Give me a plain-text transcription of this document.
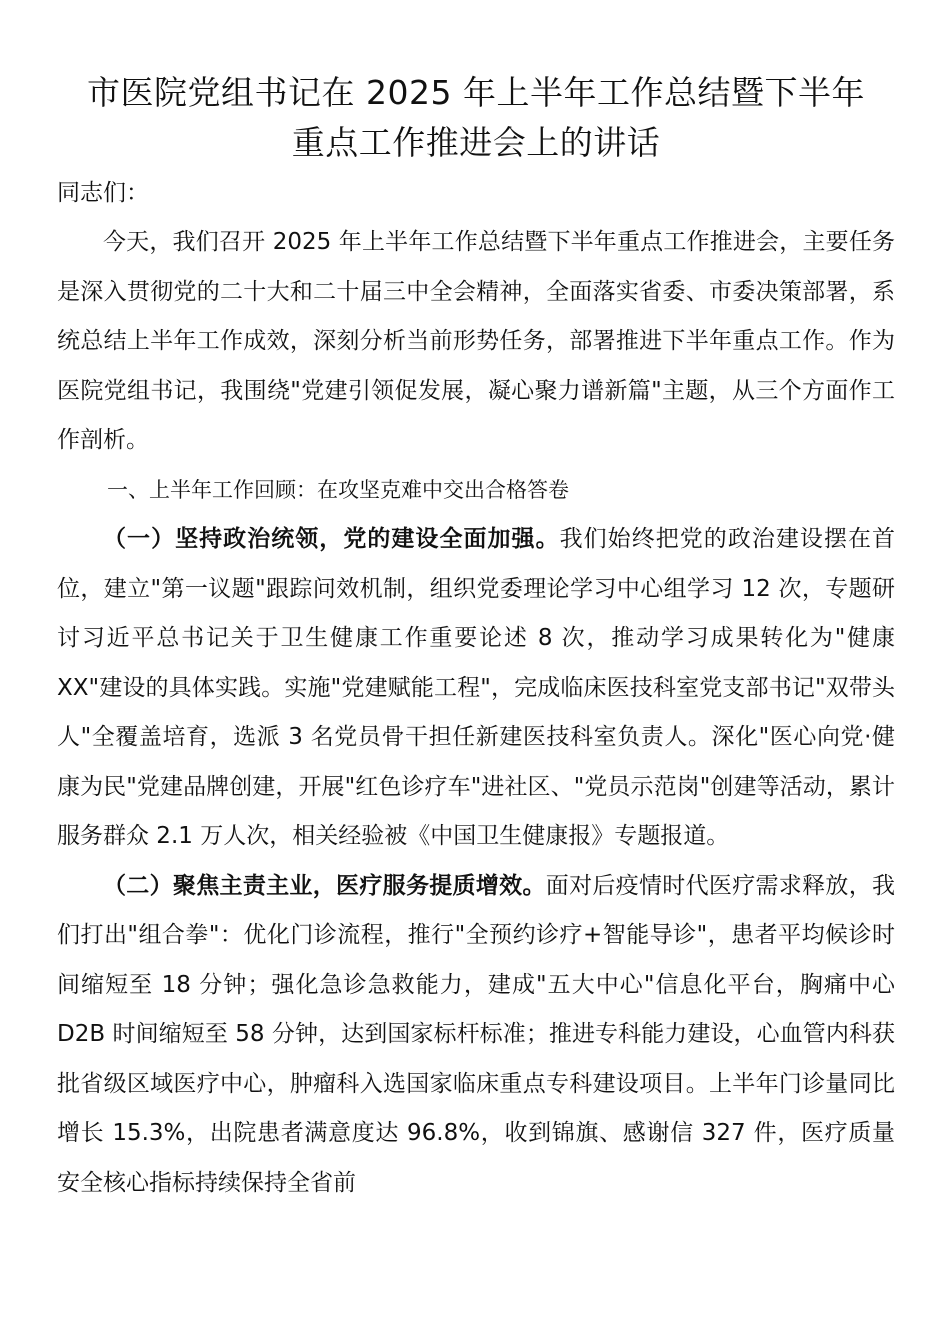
市医院党组书记在 2025 年上半年工作总结暨下半年
重点工作推进会上的讲话

同志们：

今天，我们召开 2025 年上半年工作总结暨下半年重点工作推进会，主要任务是深入贯彻党的二十大和二十届三中全会精神，全面落实省委、市委决策部署，系统总结上半年工作成效，深刻分析当前形势任务，部署推进下半年重点工作。作为医院党组书记，我围绕"党建引领促发展，凝心聚力谱新篇"主题，从三个方面作工作剖析。

一、上半年工作回顾：在攻坚克难中交出合格答卷

（一）坚持政治统领，党的建设全面加强。我们始终把党的政治建设摆在首位，建立"第一议题"跟踪问效机制，组织党委理论学习中心组学习 12 次，专题研讨习近平总书记关于卫生健康工作重要论述 8 次，推动学习成果转化为"健康 XX"建设的具体实践。实施"党建赋能工程"，完成临床医技科室党支部书记"双带头人"全覆盖培育，选派 3 名党员骨干担任新建医技科室负责人。深化"医心向党·健康为民"党建品牌创建，开展"红色诊疗车"进社区、"党员示范岗"创建等活动，累计服务群众 2.1 万人次，相关经验被《中国卫生健康报》专题报道。

（二）聚焦主责主业，医疗服务提质增效。面对后疫情时代医疗需求释放，我们打出"组合拳"：优化门诊流程，推行"全预约诊疗+智能导诊"，患者平均候诊时间缩短至 18 分钟；强化急诊急救能力，建成"五大中心"信息化平台，胸痛中心 D2B 时间缩短至 58 分钟，达到国家标杆标准；推进专科能力建设，心血管内科获批省级区域医疗中心，肿瘤科入选国家临床重点专科建设项目。上半年门诊量同比增长 15.3%，出院患者满意度达 96.8%，收到锦旗、感谢信 327 件，医疗质量安全核心指标持续保持全省前
